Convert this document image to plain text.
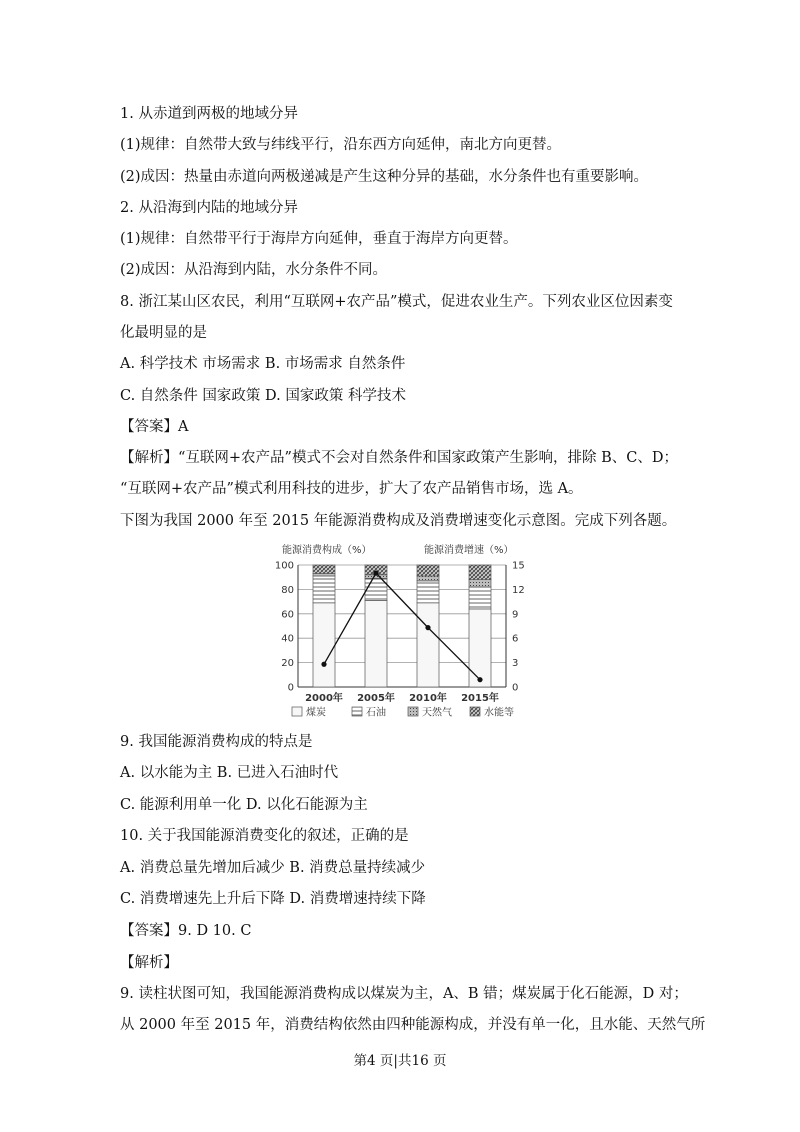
1. 从赤道到两极的地域分异
(1)规律：自然带大致与纬线平行，沿东西方向延伸，南北方向更替。
(2)成因：热量由赤道向两极递减是产生这种分异的基础，水分条件也有重要影响。
2. 从沿海到内陆的地域分异
(1)规律：自然带平行于海岸方向延伸，垂直于海岸方向更替。
(2)成因：从沿海到内陆，水分条件不同。
8. 浙江某山区农民，利用“互联网+农产品”模式，促进农业生产。下列农业区位因素变
化最明显的是
A. 科学技术 市场需求 B. 市场需求 自然条件
C. 自然条件 国家政策 D. 国家政策 科学技术
【答案】A
【解析】“互联网+农产品”模式不会对自然条件和国家政策产生影响，排除 B、C、D；
“互联网+农产品”模式利用科技的进步，扩大了农产品销售市场，选 A。
下图为我国 2000 年至 2015 年能源消费构成及消费增速变化示意图。完成下列各题。
能源消费构成（%）	能源消费增速（%）
0
20
40
60
80
100
0
3
6
9
12
15
2000年 2005年 2010年 2015年
煤炭	石油	天然气	水能等
9. 我国能源消费构成的特点是
A. 以水能为主 B. 已进入石油时代
C. 能源利用单一化 D. 以化石能源为主
10. 关于我国能源消费变化的叙述，正确的是
A. 消费总量先增加后减少 B. 消费总量持续减少
C. 消费增速先上升后下降 D. 消费增速持续下降
【答案】9. D 10. C
【解析】
9. 读柱状图可知，我国能源消费构成以煤炭为主，A、B 错；煤炭属于化石能源，D 对；
从 2000 年至 2015 年，消费结构依然由四种能源构成，并没有单一化，且水能、天然气所
第4 页|共16 页
